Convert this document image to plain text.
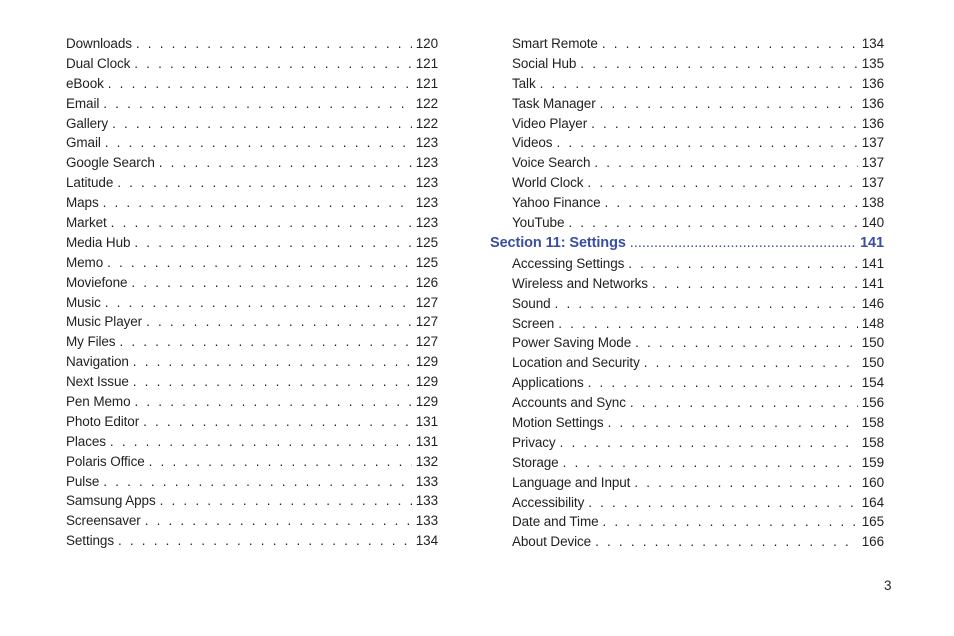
Downloads . . .	120
Dual Clock . . .	121
eBook . . .	121
Email . . .	122
Gallery . . .	122
Gmail . . .	123
Google Search . . .	123
Latitude . . .	123
Maps . . .	123
Market . . .	123
Media Hub . . .	125
Memo . . .	125
Moviefone . . .	126
Music . . .	127
Music Player . . .	127
My Files . . .	127
Navigation . . .	129
Next Issue . . .	129
Pen Memo . . .	129
Photo Editor . . .	131
Places . . .	131
Polaris Office . . .	132
Pulse . . .	133
Samsung Apps . . .	133
Screensaver . . .	133
Settings . . .	134
Smart Remote . . .	134
Social Hub . . .	135
Talk . . .	136
Task Manager . . .	136
Video Player . . .	136
Videos . . .	137
Voice Search . . .	137
World Clock . . .	137
Yahoo Finance . . .	138
YouTube . . .	140
Section 11: Settings .....	141
Accessing Settings . . .	141
Wireless and Networks . . .	141
Sound . . .	146
Screen . . .	148
Power Saving Mode . . .	150
Location and Security . . .	150
Applications . . .	154
Accounts and Sync . . .	156
Motion Settings . . .	158
Privacy . . .	158
Storage . . .	159
Language and Input . . .	160
Accessibility . . .	164
Date and Time . . .	165
About Device . . .	166
3
